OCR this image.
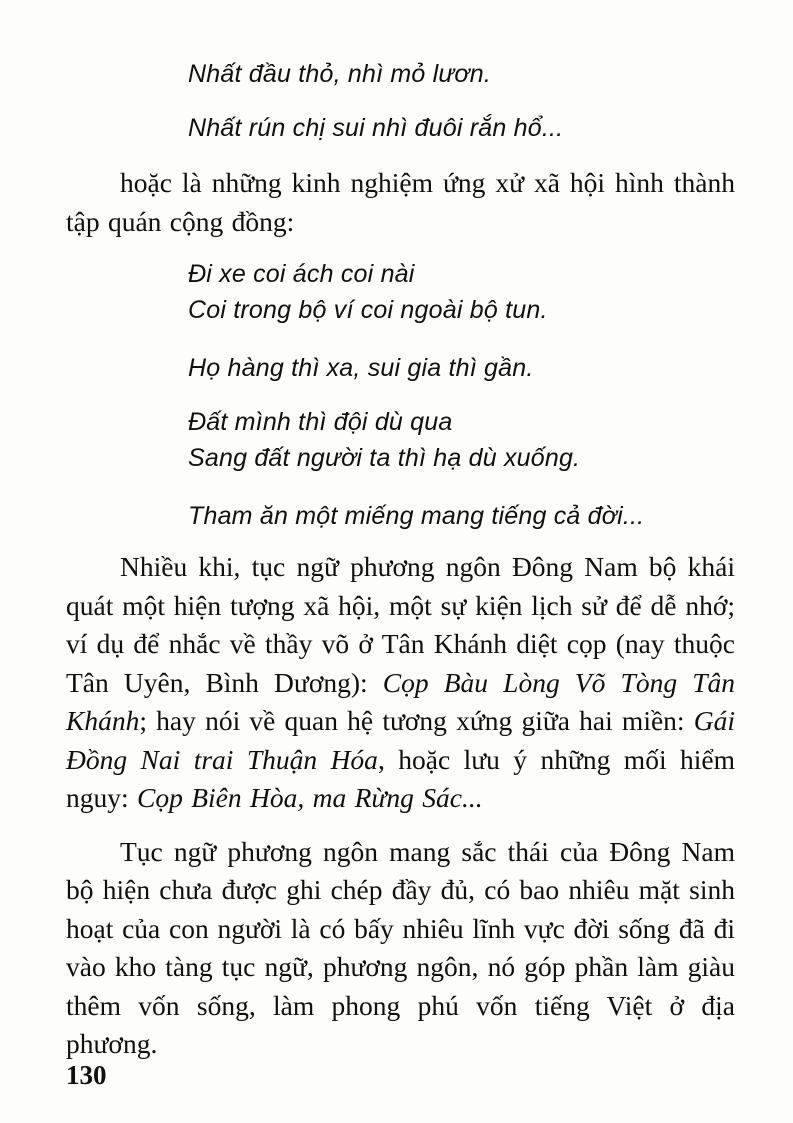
Nhất đầu thỏ, nhì mỏ lươn.
Nhất rún chị sui nhì đuôi rắn hổ...

hoặc là những kinh nghiệm ứng xử xã hội hình thành tập quán cộng đồng:

Đi xe coi ách coi nài
Coi trong bộ ví coi ngoài bộ tun.
Họ hàng thì xa, sui gia thì gần.
Đất mình thì đội dù qua
Sang đất người ta thì hạ dù xuống.
Tham ăn một miếng mang tiếng cả đời...

Nhiều khi, tục ngữ phương ngôn Đông Nam bộ khái quát một hiện tượng xã hội, một sự kiện lịch sử để dễ nhớ; ví dụ để nhắc về thầy võ ở Tân Khánh diệt cọp (nay thuộc Tân Uyên, Bình Dương): Cọp Bàu Lòng Võ Tòng Tân Khánh; hay nói về quan hệ tương xứng giữa hai miền: Gái Đồng Nai trai Thuận Hóa, hoặc lưu ý những mối hiểm nguy: Cọp Biên Hòa, ma Rừng Sác...

Tục ngữ phương ngôn mang sắc thái của Đông Nam bộ hiện chưa được ghi chép đầy đủ, có bao nhiêu mặt sinh hoạt của con người là có bấy nhiêu lĩnh vực đời sống đã đi vào kho tàng tục ngữ, phương ngôn, nó góp phần làm giàu thêm vốn sống, làm phong phú vốn tiếng Việt ở địa phương.

130
